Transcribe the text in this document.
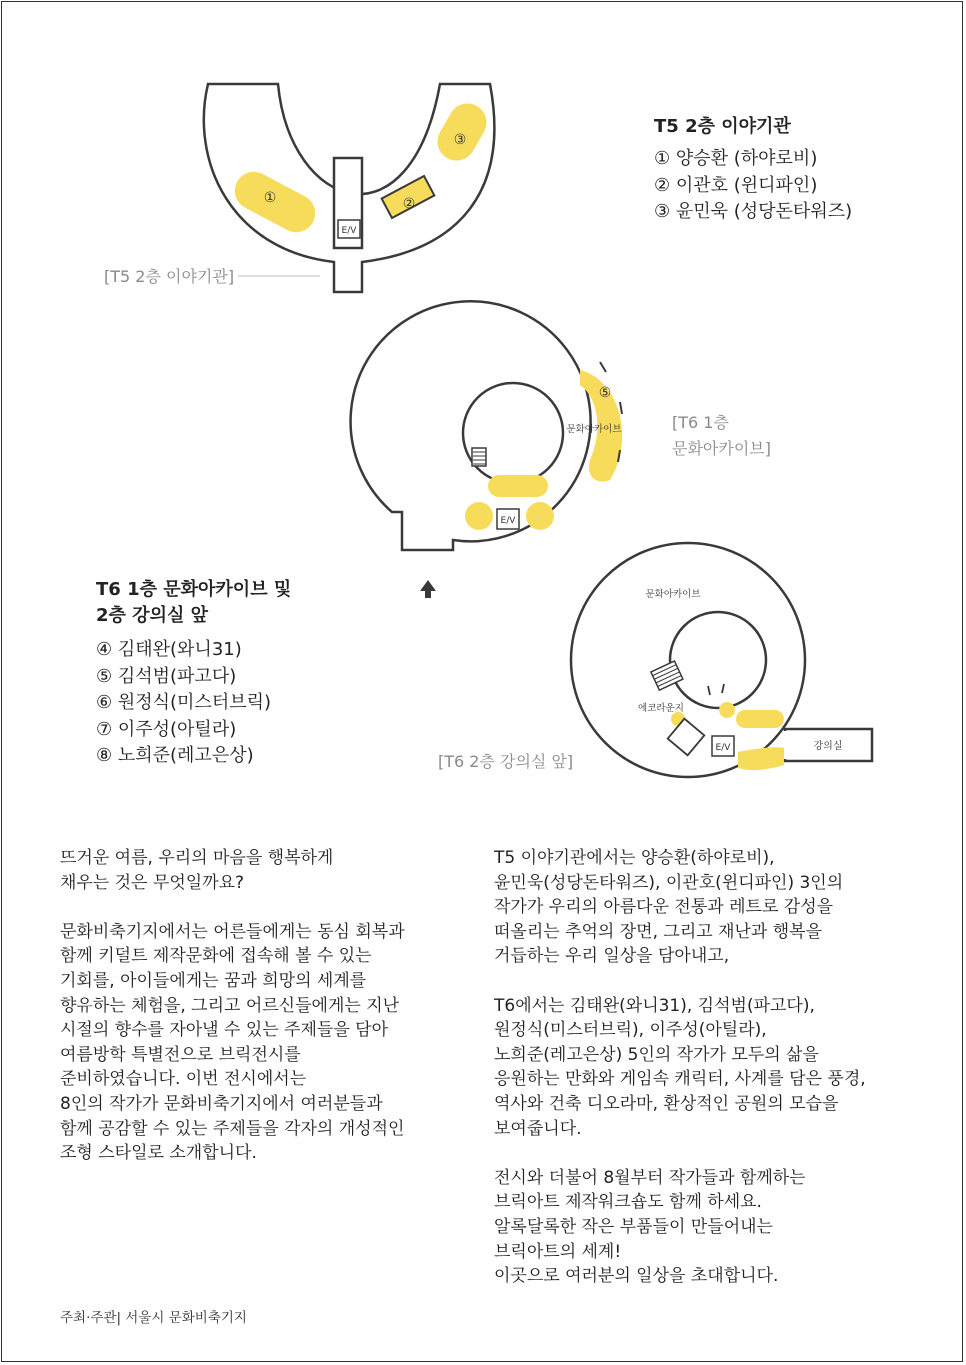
E/V
①	②
③
E/V
문화아카이브
⑤
E/V
문화아카이브
에코라운지
강의실
[T5 2층 이야기관]
[T6 1층
문화아카이브]
[T6 2층 강의실 앞]
T5 2층 이야기관
① 양승환 (하야로비)
② 이관호 (윈디파인)
③ 윤민욱 (성당돈타워즈)
T6 1층 문화아카이브 및
2층 강의실 앞
④ 김태완(와니31)
⑤ 김석범(파고다)
⑥ 원정식(미스터브릭)
⑦ 이주성(아틸라)
⑧ 노희준(레고은상)

뜨거운 여름, 우리의 마음을 행복하게
채우는 것은 무엇일까요?

문화비축기지에서는 어른들에게는 동심 회복과
함께 키덜트 제작문화에 접속해 볼 수 있는
기회를, 아이들에게는 꿈과 희망의 세계를
향유하는 체험을, 그리고 어르신들에게는 지난
시절의 향수를 자아낼 수 있는 주제들을 담아
여름방학 특별전으로 브릭전시를
준비하였습니다. 이번 전시에서는
8인의 작가가 문화비축기지에서 여러분들과
함께 공감할 수 있는 주제들을 각자의 개성적인
조형 스타일로 소개합니다.

T5 이야기관에서는 양승환(하야로비),
윤민욱(성당돈타워즈), 이관호(윈디파인) 3인의
작가가 우리의 아름다운 전통과 레트로 감성을
떠올리는 추억의 장면, 그리고 재난과 행복을
거듭하는 우리 일상을 담아내고,

T6에서는 김태완(와니31), 김석범(파고다),
원정식(미스터브릭), 이주성(아틸라),
노희준(레고은상) 5인의 작가가 모두의 삶을
응원하는 만화와 게임속 캐릭터, 사계를 담은 풍경,
역사와 건축 디오라마, 환상적인 공원의 모습을
보여줍니다.

전시와 더불어 8월부터 작가들과 함께하는
브릭아트 제작워크숍도 함께 하세요.
알록달록한 작은 부품들이 만들어내는
브릭아트의 세계!
이곳으로 여러분의 일상을 초대합니다.

주최·주관| 서울시 문화비축기지
